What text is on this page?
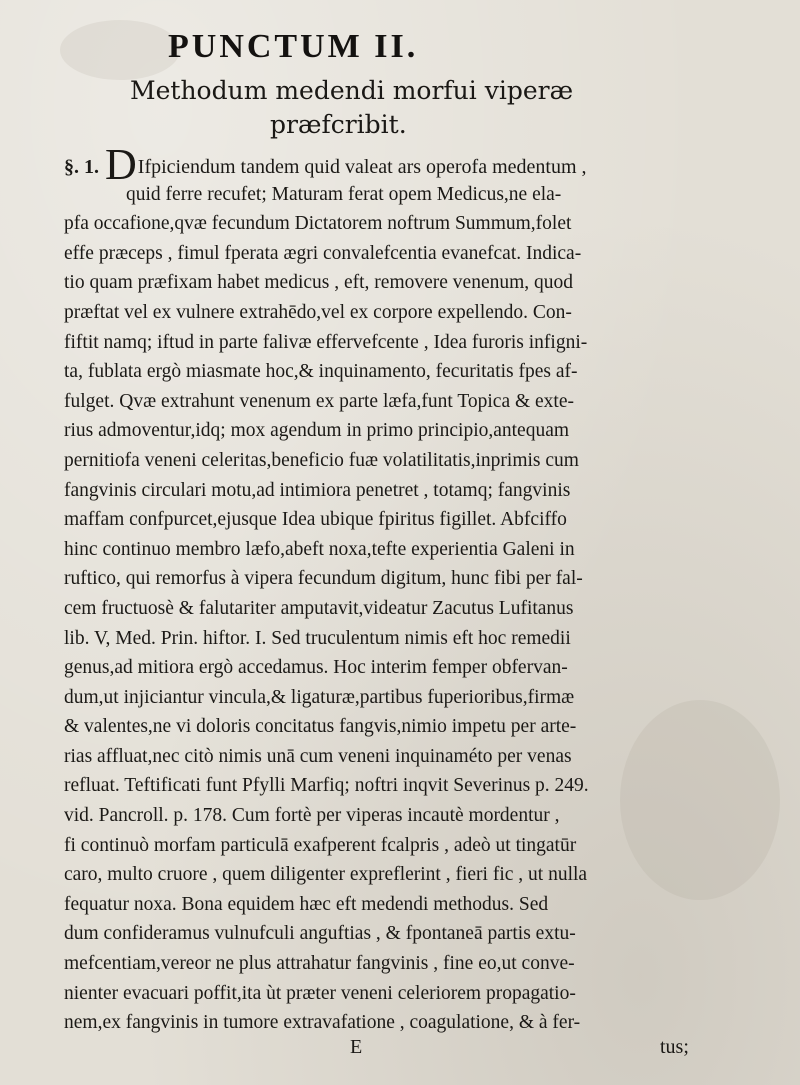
PUNCTUM II.
Methodum medendi morfui viperæ
præfcribit.
§. 1. DIfpiciendum tandem quid valeat ars operofa medentum ,
quid ferre recufet; Maturam ferat opem Medicus,ne ela-
pfa occafione,qvæ fecundum Dictatorem noftrum Summum,folet
effe præceps , fimul fperata ægri convalefcentia evanefcat. Indica-
tio quam præfixam habet medicus , eft, removere venenum, quod
præftat vel ex vulnere extrahēdo,vel ex corpore expellendo. Con-
fiftit namq; iftud in parte falivæ effervefcente , Idea furoris infigni-
ta, fublata ergò miasmate hoc,& inquinamento, fecuritatis fpes af-
fulget. Qvæ extrahunt venenum ex parte læfa,funt Topica & exte-
rius admoventur,idq; mox agendum in primo principio,antequam
pernitiofa veneni celeritas,beneficio fuæ volatilitatis,inprimis cum
fangvinis circulari motu,ad intimiora penetret , totamq; fangvinis
maffam confpurcet,ejusque Idea ubique fpiritus figillet. Abfciffo
hinc continuo membro læfo,abeft noxa,tefte experientia Galeni in
ruftico, qui remorfus à vipera fecundum digitum, hunc fibi per fal-
cem fructuosè & falutariter amputavit,videatur Zacutus Lufitanus
lib. V, Med. Prin. hiftor. I. Sed truculentum nimis eft hoc remedii
genus,ad mitiora ergò accedamus. Hoc interim femper obfervan-
dum,ut injiciantur vincula,& ligaturæ,partibus fuperioribus,firmæ
& valentes,ne vi doloris concitatus fangvis,nimio impetu per arte-
rias affluat,nec citò nimis unā cum veneni inquinaméto per venas
refluat. Teftificati funt Pfylli Marfiq; noftri inqvit Severinus p. 249.
vid. Pancroll. p. 178. Cum fortè per viperas incautè mordentur ,
fi continuò morfam particulā exafperent fcalpris , adeò ut tingatūr
caro, multo cruore , quem diligenter expreflerint , fieri fic , ut nulla
fequatur noxa. Bona equidem hæc eft medendi methodus. Sed
dum confideramus vulnufculi anguftias , & fpontaneā partis extu-
mefcentiam,vereor ne plus attrahatur fangvinis , fine eo,ut conve-
nienter evacuari poffit,ita ùt præter veneni celeriorem propagatio-
nem,ex fangvinis in tumore extravafatione , coagulatione, & à fer-
E	tus;
